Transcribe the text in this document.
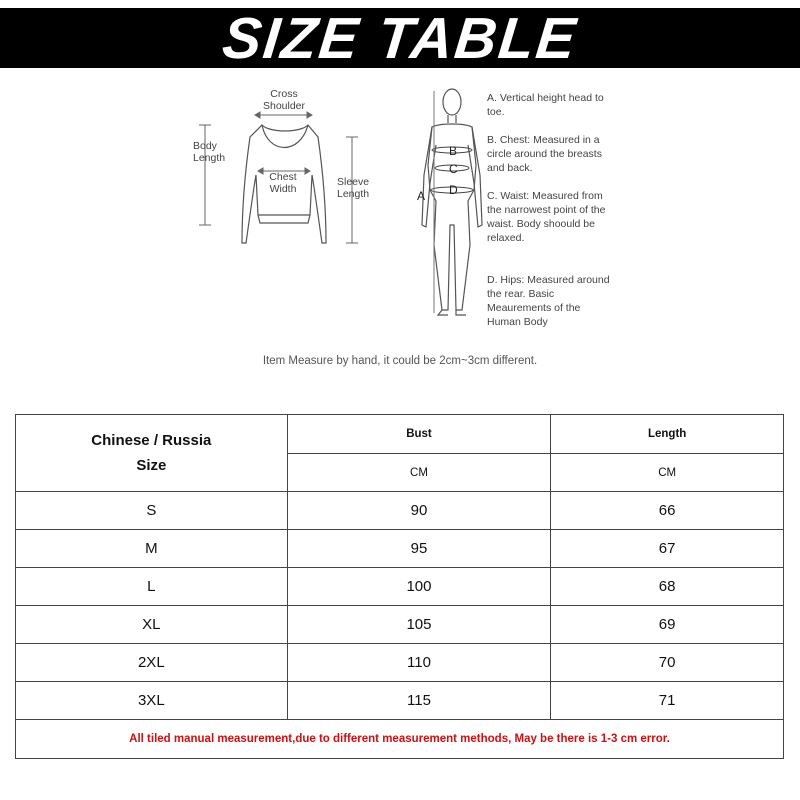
SIZE TABLE
Cross
Shoulder
Body
Length
Chest
Width
Sleeve
Length	A
B
C
D
A. Vertical height head to toe.
B. Chest: Measured in a circle around the breasts and back.
C. Waist: Measured from the narrowest point of the waist. Body shoould be relaxed.
D. Hips: Measured around the rear. Basic Meaurements of the Human Body
Item Measure by hand, it could be 2cm~3cm different.
Chinese / Russia
Size	Bust	Length
	CM	CM
S	90	66
M	95	67
L	100	68
XL	105	69
2XL	110	70
3XL	115	71
All tiled manual measurement,due to different measurement methods, May be there is 1-3 cm error.		
